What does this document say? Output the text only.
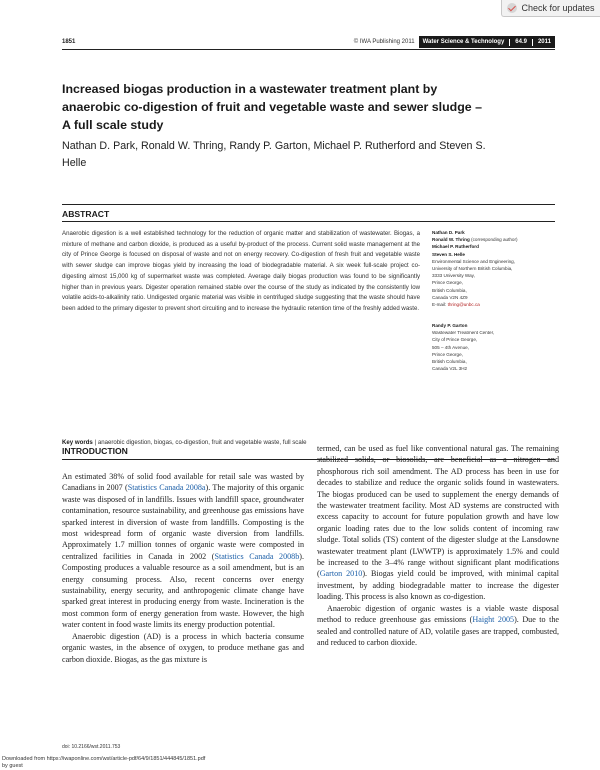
Check for updates
1851	© IWA Publishing 2011	Water Science & Technology 64.9 2011
Increased biogas production in a wastewater treatment plant by anaerobic co-digestion of fruit and vegetable waste and sewer sludge – A full scale study
Nathan D. Park, Ronald W. Thring, Randy P. Garton, Michael P. Rutherford and Steven S. Helle
ABSTRACT

Anaerobic digestion is a well established technology for the reduction of organic matter and stabilization of wastewater. Biogas, a mixture of methane and carbon dioxide, is produced as a useful by-product of the process. Current solid waste management at the city of Prince George is focused on disposal of waste and not on energy recovery. Co-digestion of fresh fruit and vegetable waste with sewer sludge can improve biogas yield by increasing the load of biodegradable material. A six week full-scale project co-digesting almost 15,000 kg of supermarket waste was completed. Average daily biogas production was found to be significantly higher than in previous years. Digester operation remained stable over the course of the study as indicated by the consistently low volatile acids-to-alkalinity ratio. Undigested organic material was visible in centrifuged sludge suggesting that the waste should have been added to the primary digester to prevent short circuiting and to increase the hydraulic retention time of the freshly added waste.

Key words | anaerobic digestion, biogas, co-digestion, fruit and vegetable waste, full scale
Nathan D. Park
Ronald W. Thring (corresponding author)
Michael P. Rutherford
Steven S. Helle
Environmental Science and Engineering,
University of Northern British Columbia,
3333 University Way,
Prince George,
British Columbia,
Canada V2N 4Z9
E-mail: thring@unbc.ca
Randy P. Garton
Wastewater Treatment Center,
City of Prince George,
505 – 4th Avenue,
Prince George,
British Columbia,
Canada V2L 3H2
INTRODUCTION

An estimated 38% of solid food available for retail sale was wasted by Canadians in 2007 (Statistics Canada 2008a). The majority of this organic waste was disposed of in landfills. Issues with landfill space, groundwater contamination, resource sustainability, and greenhouse gas emissions have sparked interest in diversion of waste from landfills. Composting is the most widespread form of organic waste diversion from landfills. Approximately 1.7 million tonnes of organic waste were composted in centralized facilities in Canada in 2002 (Statistics Canada 2008b). Composting produces a valuable resource as a soil amendment, but is an energy consuming process. Also, recent concerns over energy sustainability, energy security, and anthropogenic climate change have sparked great interest in producing energy from waste. Incineration is the most common form of energy generation from waste. However, the high water content in food waste limits its energy production potential.

Anaerobic digestion (AD) is a process in which bacteria consume organic wastes, in the absence of oxygen, to produce methane gas and carbon dioxide. Biogas, as the gas mixture is

termed, can be used as fuel like conventional natural gas. The remaining stabilized solids, or biosolids, are beneficial as a nitrogen and phosphorous rich soil amendment. The AD process has been in use for decades to stabilize and reduce the organic solids found in wastewaters. The biogas produced can be used to supplement the energy demands of the wastewater treatment facility. Most AD systems are constructed with excess capacity to account for future population growth and have low organic loading rates due to the low solids content of incoming raw sludge. Total solids (TS) content of the digester sludge at the Lansdowne wastewater treatment plant (LWWTP) is approximately 1.5% and could be increased to the 3–4% range without significant plant modifications (Garton 2010). Biogas yield could be improved, with minimal capital investment, by adding biodegradable matter to increase the digester loading. This process is also known as co-digestion.

Anaerobic digestion of organic wastes is a viable waste disposal method to reduce greenhouse gas emissions (Haight 2005). Due to the sealed and controlled nature of AD, volatile gases are trapped, combusted, and reduced to carbon dioxide.

doi: 10.2166/wst.2011.753
Downloaded from https://iwaponline.com/wst/article-pdf/64/9/1851/444845/1851.pdf
by guest
